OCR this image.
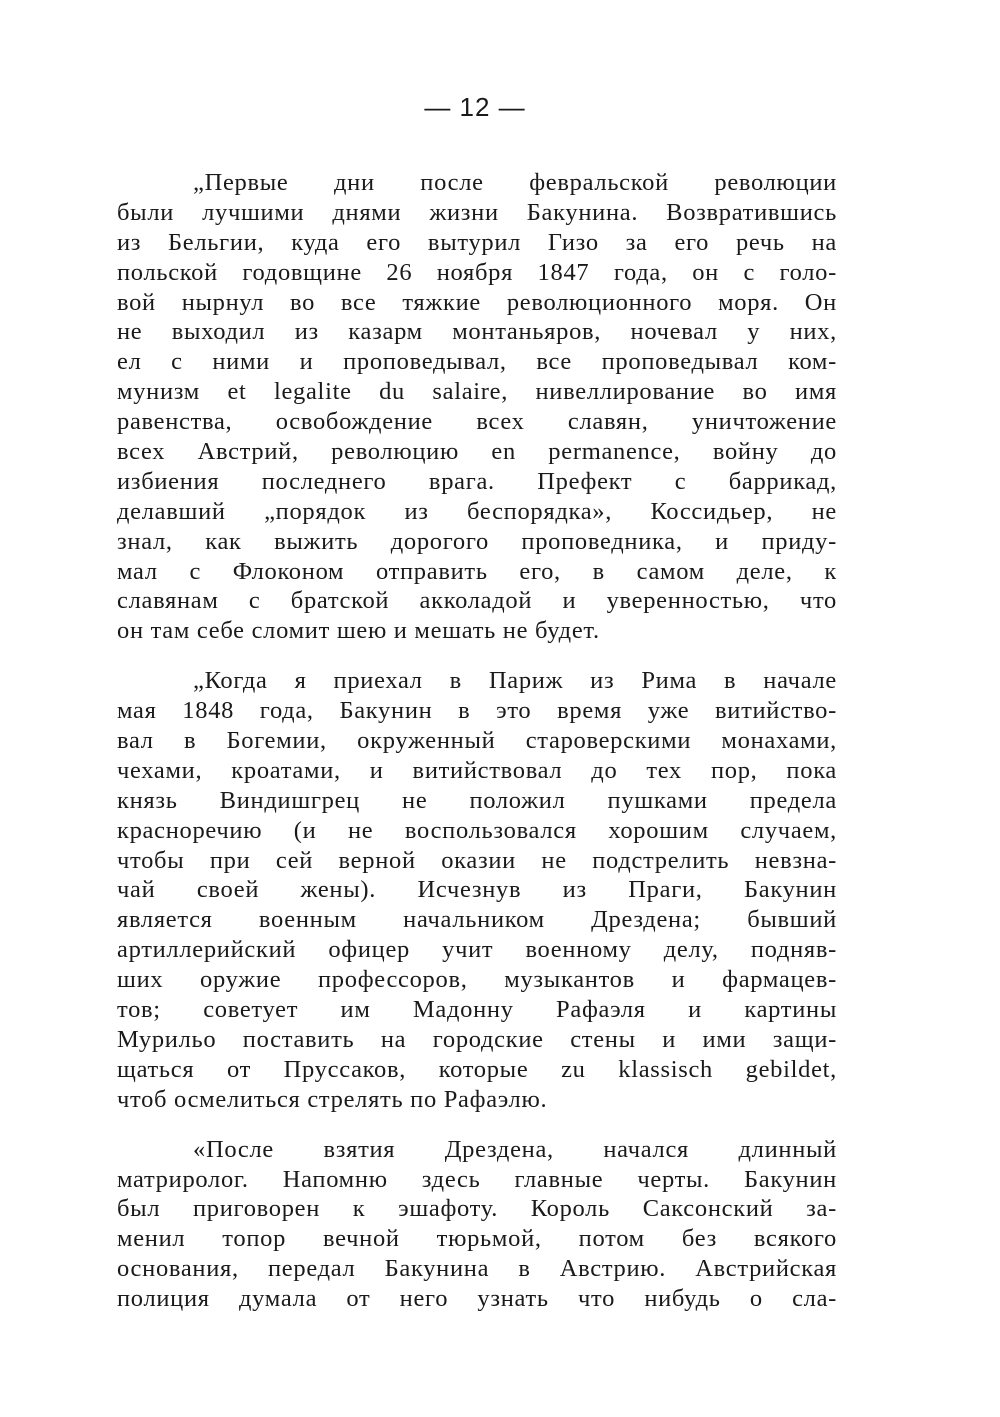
— 12 —

„Первые дни после февральской революции
были лучшими днями жизни Бакунина. Возвратившись
из Бельгии, куда его вытурил Гизо за его речь на
польской годовщине 26 ноября 1847 года, он с голо-
вой нырнул во все тяжкие революционного моря. Он
не выходил из казарм монтаньяров, ночевал у них,
ел с ними и проповедывал, все проповедывал ком-
мунизм et legalite du salaire, нивеллирование во имя
равенства, освобождение всех славян, уничтожение
всех Австрий, революцию en permanence, войну до
избиения последнего врага. Префект с баррикад,
делавший „порядок из беспорядка», Коссидьер, не
знал, как выжить дорогого проповедника, и приду-
мал с Флоконом отправить его, в самом деле, к
славянам с братской акколадой и уверенностью, что
он там себе сломит шею и мешать не будет.

„Когда я приехал в Париж из Рима в начале
мая 1848 года, Бакунин в это время уже витийство-
вал в Богемии, окруженный староверскими монахами,
чехами, кроатами, и витийствовал до тех пор, пока
князь Виндишгрец не положил пушками предела
красноречию (и не воспользовался хорошим случаем,
чтобы при сей верной оказии не подстрелить невзна-
чай своей жены). Исчезнув из Праги, Бакунин
является военным начальником Дрездена; бывший
артиллерийский офицер учит военному делу, подняв-
ших оружие профессоров, музыкантов и фармацев-
тов; советует им Мадонну Рафаэля и картины
Мурильо поставить на городские стены и ими защи-
щаться от Пруссаков, которые zu klassisch gebildet,
чтоб осмелиться стрелять по Рафаэлю.

«После взятия Дрездена, начался длинный
матриролог. Напомню здесь главные черты. Бакунин
был приговорен к эшафоту. Король Саксонский за-
менил топор вечной тюрьмой, потом без всякого
основания, передал Бакунина в Австрию. Австрийская
полиция думала от него узнать что нибудь о сла-
